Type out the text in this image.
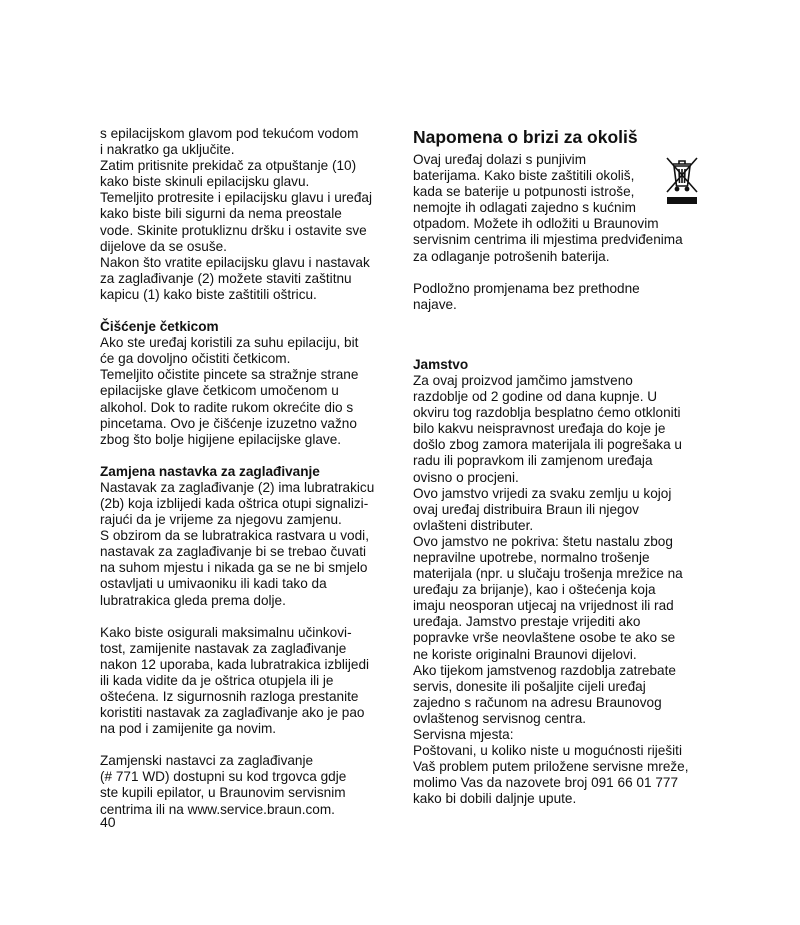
s epilacijskom glavom pod tekućom vodom
i nakratko ga uključite.
Zatim pritisnite prekidač za otpuštanje (10)
kako biste skinuli epilacijsku glavu.
Temeljito protresite i epilacijsku glavu i uređaj
kako biste bili sigurni da nema preostale
vode. Skinite protukliznu dršku i ostavite sve
dijelove da se osuše.
Nakon što vratite epilacijsku glavu i nastavak
za zaglađivanje (2) možete staviti zaštitnu
kapicu (1) kako biste zaštitili oštricu.
Čišćenje četkicom
Ako ste uređaj koristili za suhu epilaciju, bit
će ga dovoljno očistiti četkicom.
Temeljito očistite pincete sa stražnje strane
epilacijske glave četkicom umočenom u
alkohol. Dok to radite rukom okrećite dio s
pincetama. Ovo je čišćenje izuzetno važno
zbog što bolje higijene epilacijske glave.
Zamjena nastavka za zaglađivanje
Nastavak za zaglađivanje (2) ima lubratrakicu
(2b) koja izblijedi kada oštrica otupi signalizi-
rajući da je vrijeme za njegovu zamjenu.
S obzirom da se lubratrakica rastvara u vodi,
nastavak za zaglađivanje bi se trebao čuvati
na suhom mjestu i nikada ga se ne bi smjelo
ostavljati u umivaoniku ili kadi tako da
lubratrakica gleda prema dolje.
Kako biste osigurali maksimalnu učinkovi-
tost, zamijenite nastavak za zaglađivanje
nakon 12 uporaba, kada lubratrakica izblijedi
ili kada vidite da je oštrica otupjela ili je
oštećena. Iz sigurnosnih razloga prestanite
koristiti nastavak za zaglađivanje ako je pao
na pod i zamijenite ga novim.
Zamjenski nastavci za zaglađivanje
(# 771 WD) dostupni su kod trgovca gdje
ste kupili epilator, u Braunovim servisnim
centrima ili na www.service.braun.com.
Napomena o brizi za okoliš
Ovaj uređaj dolazi s punjivim
baterijama. Kako biste zaštitili okoliš,
kada se baterije u potpunosti istroše,
nemojte ih odlagati zajedno s kućnim
otpadom. Možete ih odložiti u Braunovim
servisnim centrima ili mjestima predviđenima
za odlaganje potrošenih baterija.
Podložno promjenama bez prethodne
najave.
Jamstvo
Za ovaj proizvod jamčimo jamstveno
razdoblje od 2 godine od dana kupnje. U
okviru tog razdoblja besplatno ćemo otkloniti
bilo kakvu neispravnost uređaja do koje je
došlo zbog zamora materijala ili pogrešaka u
radu ili popravkom ili zamjenom uređaja
ovisno o procjeni.
Ovo jamstvo vrijedi za svaku zemlju u kojoj
ovaj uređaj distribuira Braun ili njegov
ovlašteni distributer.
Ovo jamstvo ne pokriva: štetu nastalu zbog
nepravilne upotrebe, normalno trošenje
materijala (npr. u slučaju trošenja mrežice na
uređaju za brijanje), kao i oštećenja koja
imaju neosporan utjecaj na vrijednost ili rad
uređaja. Jamstvo prestaje vrijediti ako
popravke vrše neovlaštene osobe te ako se
ne koriste originalni Braunovi dijelovi.
Ako tijekom jamstvenog razdoblja zatrebate
servis, donesite ili pošaljite cijeli uređaj
zajedno s računom na adresu Braunovog
ovlaštenog servisnog centra.
Servisna mjesta:
Poštovani, u koliko niste u mogućnosti riješiti
Vaš problem putem priložene servisne mreže,
molimo Vas da nazovete broj 091 66 01 777
kako bi dobili daljnje upute.
40
